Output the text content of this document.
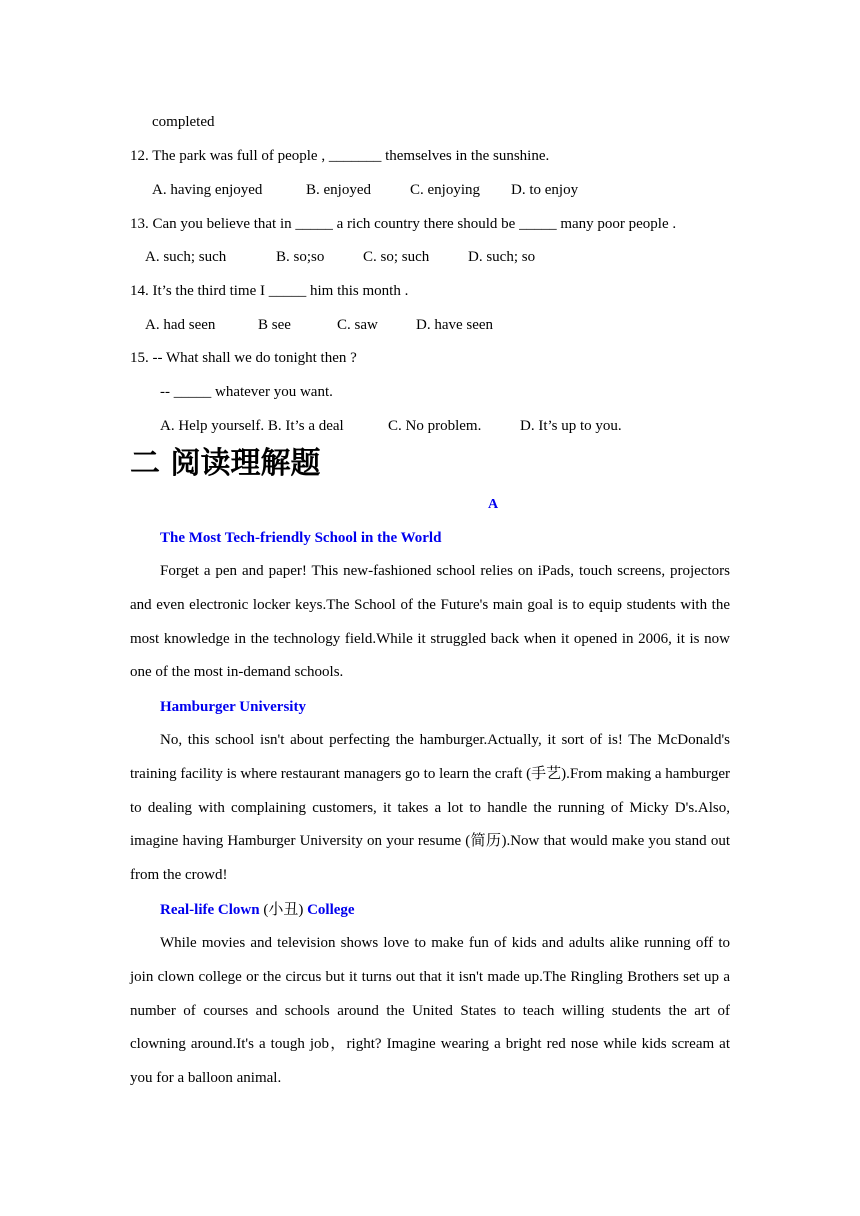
completed
12. The park was full of people , _______ themselves in the sunshine.
A. having enjoyed	B. enjoyed	C. enjoying D. to enjoy
13. Can you believe that in _____ a rich country there should be _____ many poor people .
A. such; such	B. so;so	C. so; such	D. such; so
14. It’s the third time I _____ him this month .
A. had seen	B see	C. saw	D. have seen
15. -- What shall we do tonight then ?
-- _____ whatever you want.
A. Help yourself. B. It’s a deal	C. No problem.	D. It’s up to you.
二 阅读理解题
A
The Most Tech-friendly School in the World
Forget a pen and paper! This new-fashioned school relies on iPads, touch screens, projectors and even electronic locker keys.The School of the Future's main goal is to equip students with the most knowledge in the technology field.While it struggled back when it opened in 2006, it is now one of the most in-demand schools.
Hamburger University
No, this school isn't about perfecting the hamburger.Actually, it sort of is! The McDonald's training facility is where restaurant managers go to learn the craft (手艺).From making a hamburger to dealing with complaining customers, it takes a lot to handle the running of Micky D's.Also, imagine having Hamburger University on your resume (简历).Now that would make you stand out from the crowd!
Real-life Clown (小丑) College
While movies and television shows love to make fun of kids and adults alike running off to join clown college or the circus but it turns out that it isn't made up.The Ringling Brothers set up a number of courses and schools around the United States to teach willing students the art of clowning around.It's a tough job，right? Imagine wearing a bright red nose while kids scream at you for a balloon animal.
